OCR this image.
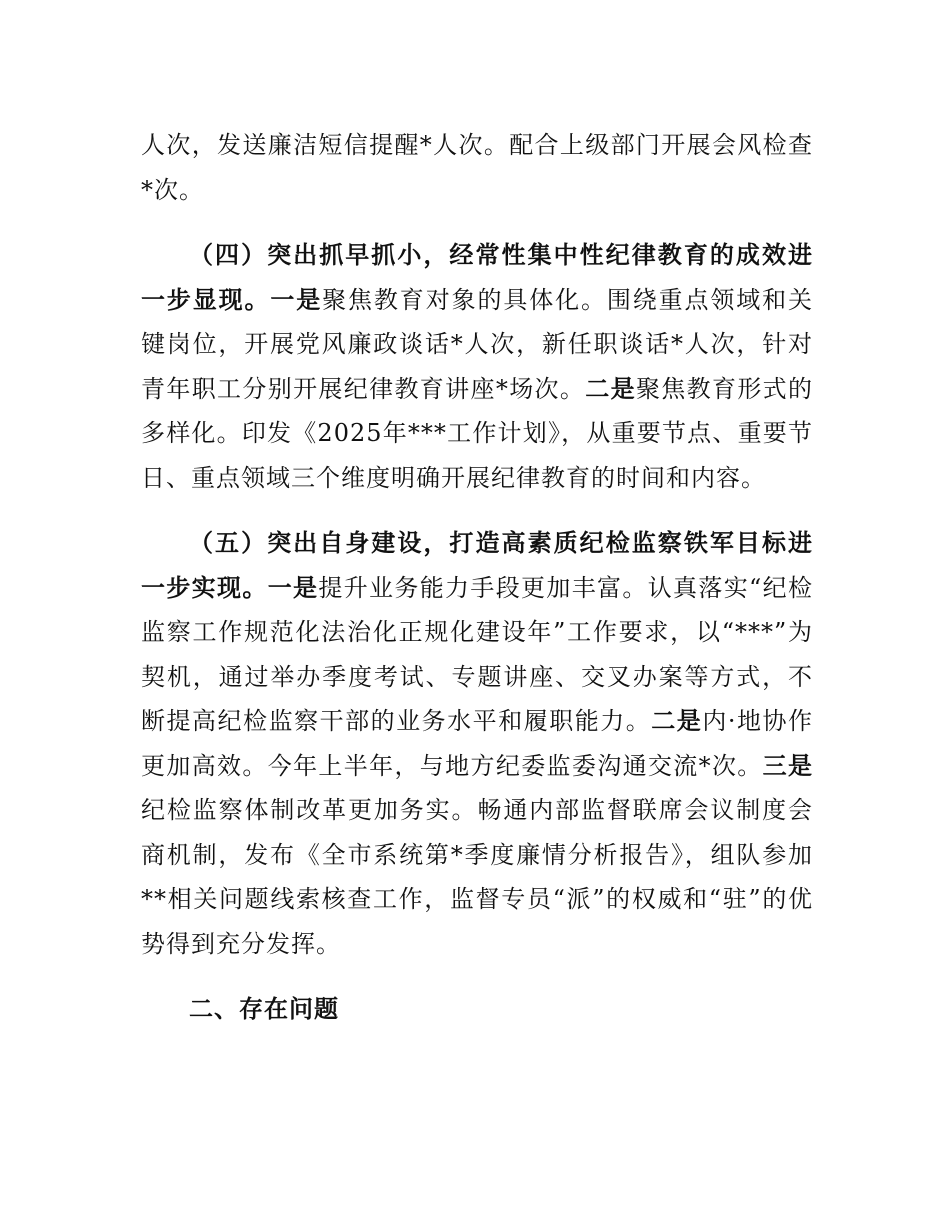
人次，发送廉洁短信提醒*人次。配合上级部门开展会风检查*次。

（四）突出抓早抓小，经常性集中性纪律教育的成效进一步显现。一是聚焦教育对象的具体化。围绕重点领域和关键岗位，开展党风廉政谈话*人次，新任职谈话*人次，针对青年职工分别开展纪律教育讲座*场次。二是聚焦教育形式的多样化。印发《2025年***工作计划》，从重要节点、重要节日、重点领域三个维度明确开展纪律教育的时间和内容。

（五）突出自身建设，打造高素质纪检监察铁军目标进一步实现。一是提升业务能力手段更加丰富。认真落实“纪检监察工作规范化法治化正规化建设年”工作要求，以“***”为契机，通过举办季度考试、专题讲座、交叉办案等方式，不断提高纪检监察干部的业务水平和履职能力。二是内·地协作更加高效。今年上半年，与地方纪委监委沟通交流*次。三是纪检监察体制改革更加务实。畅通内部监督联席会议制度会商机制，发布《全市系统第*季度廉情分析报告》，组队参加**相关问题线索核查工作，监督专员“派”的权威和“驻”的优势得到充分发挥。

二、存在问题
